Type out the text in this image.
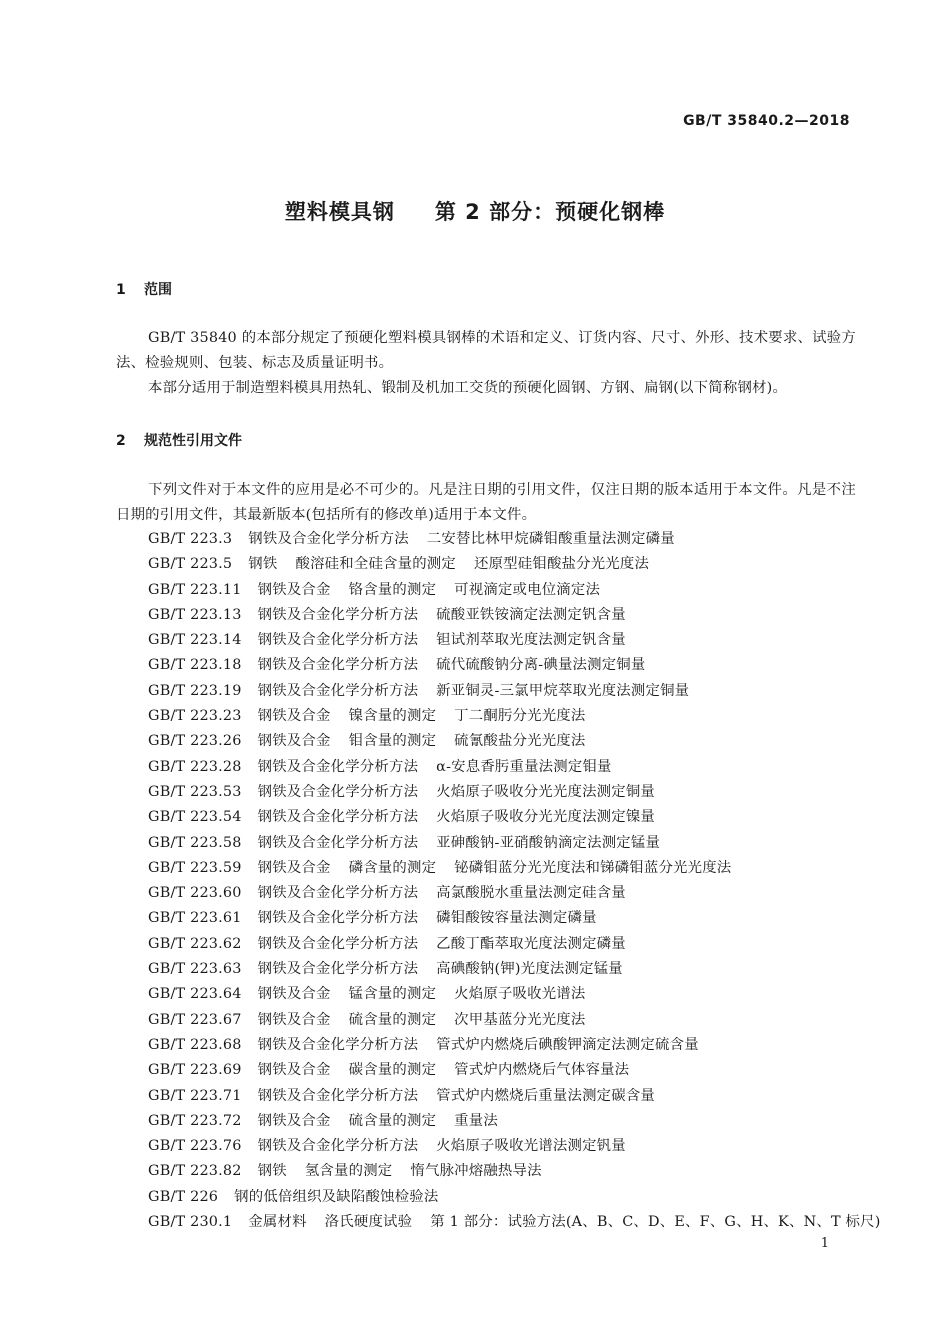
GB/T 35840.2—2018
塑料模具钢 第 2 部分：预硬化钢棒
1 范围
GB/T 35840 的本部分规定了预硬化塑料模具钢棒的术语和定义、订货内容、尺寸、外形、技术要求、试验方法、检验规则、包装、标志及质量证明书。
本部分适用于制造塑料模具用热轧、锻制及机加工交货的预硬化圆钢、方钢、扁钢(以下简称钢材)。
2 规范性引用文件
下列文件对于本文件的应用是必不可少的。凡是注日期的引用文件，仅注日期的版本适用于本文件。凡是不注日期的引用文件，其最新版本(包括所有的修改单)适用于本文件。
GB/T 223.3 钢铁及合金化学分析方法 二安替比林甲烷磷钼酸重量法测定磷量
GB/T 223.5 钢铁 酸溶硅和全硅含量的测定 还原型硅钼酸盐分光光度法
GB/T 223.11 钢铁及合金 铬含量的测定 可视滴定或电位滴定法
GB/T 223.13 钢铁及合金化学分析方法 硫酸亚铁铵滴定法测定钒含量
GB/T 223.14 钢铁及合金化学分析方法 钽试剂萃取光度法测定钒含量
GB/T 223.18 钢铁及合金化学分析方法 硫代硫酸钠分离-碘量法测定铜量
GB/T 223.19 钢铁及合金化学分析方法 新亚铜灵-三氯甲烷萃取光度法测定铜量
GB/T 223.23 钢铁及合金 镍含量的测定 丁二酮肟分光光度法
GB/T 223.26 钢铁及合金 钼含量的测定 硫氰酸盐分光光度法
GB/T 223.28 钢铁及合金化学分析方法 α-安息香肟重量法测定钼量
GB/T 223.53 钢铁及合金化学分析方法 火焰原子吸收分光光度法测定铜量
GB/T 223.54 钢铁及合金化学分析方法 火焰原子吸收分光光度法测定镍量
GB/T 223.58 钢铁及合金化学分析方法 亚砷酸钠-亚硝酸钠滴定法测定锰量
GB/T 223.59 钢铁及合金 磷含量的测定 铋磷钼蓝分光光度法和锑磷钼蓝分光光度法
GB/T 223.60 钢铁及合金化学分析方法 高氯酸脱水重量法测定硅含量
GB/T 223.61 钢铁及合金化学分析方法 磷钼酸铵容量法测定磷量
GB/T 223.62 钢铁及合金化学分析方法 乙酸丁酯萃取光度法测定磷量
GB/T 223.63 钢铁及合金化学分析方法 高碘酸钠(钾)光度法测定锰量
GB/T 223.64 钢铁及合金 锰含量的测定 火焰原子吸收光谱法
GB/T 223.67 钢铁及合金 硫含量的测定 次甲基蓝分光光度法
GB/T 223.68 钢铁及合金化学分析方法 管式炉内燃烧后碘酸钾滴定法测定硫含量
GB/T 223.69 钢铁及合金 碳含量的测定 管式炉内燃烧后气体容量法
GB/T 223.71 钢铁及合金化学分析方法 管式炉内燃烧后重量法测定碳含量
GB/T 223.72 钢铁及合金 硫含量的测定 重量法
GB/T 223.76 钢铁及合金化学分析方法 火焰原子吸收光谱法测定钒量
GB/T 223.82 钢铁 氢含量的测定 惰气脉冲熔融热导法
GB/T 226 钢的低倍组织及缺陷酸蚀检验法
GB/T 230.1 金属材料 洛氏硬度试验 第 1 部分：试验方法(A、B、C、D、E、F、G、H、K、N、T 标尺)
1
